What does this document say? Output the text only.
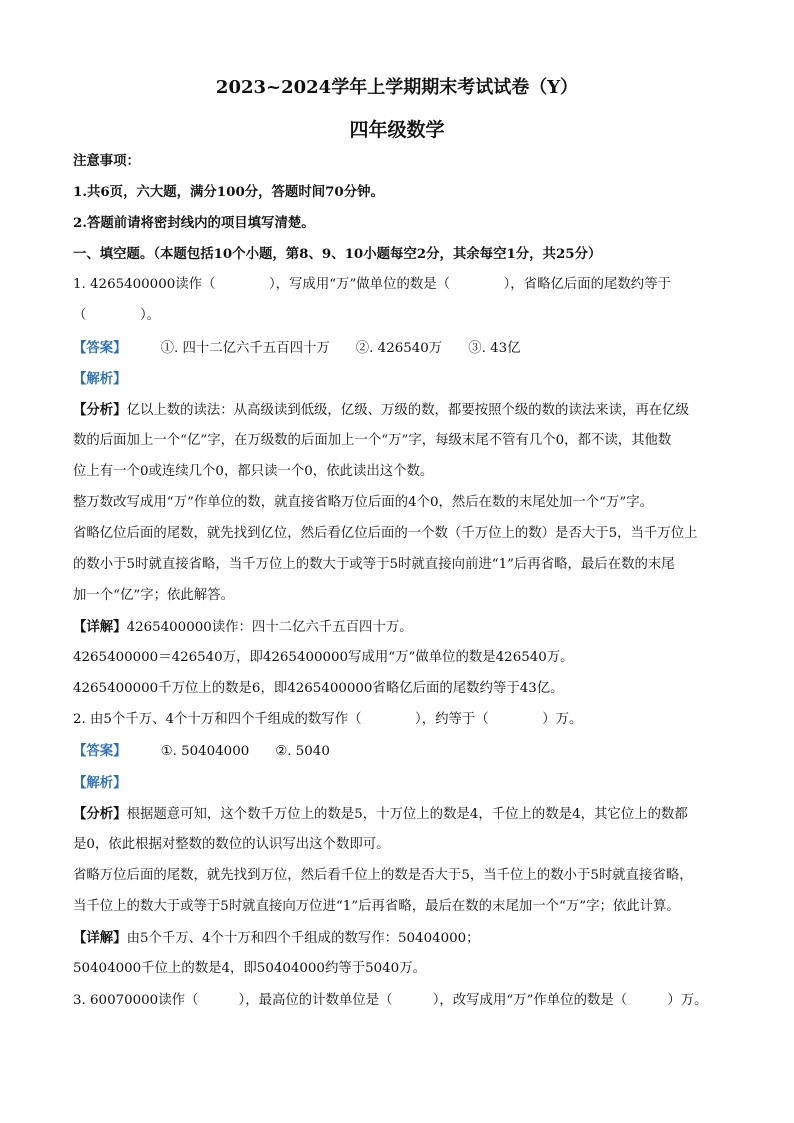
2023~2024学年上学期期末考试试卷（Y）
四年级数学
注意事项：
1.共6页，六大题，满分100分，答题时间70分钟。
2.答题前请将密封线内的项目填写清楚。
一、填空题。（本题包括10个小题，第8、9、10小题每空2分，其余每空1分，共25分）
1. 4265400000读作（　　　　），写成用“万”做单位的数是（　　　　），省略亿后面的尾数约等于
（　　　　）。
【答案】	①. 四十二亿六千五百四十万 ②. 426540万 ③. 43亿
【解析】
【分析】亿以上数的读法：从高级读到低级，亿级、万级的数，都要按照个级的数的读法来读，再在亿级
数的后面加上一个“亿”字，在万级数的后面加上一个“万”字，每级末尾不管有几个0，都不读，其他数
位上有一个0或连续几个0，都只读一个0，依此读出这个数。
整万数改写成用“万”作单位的数，就直接省略万位后面的4个0，然后在数的末尾处加一个“万”字。
省略亿位后面的尾数，就先找到亿位，然后看亿位后面的一个数（千万位上的数）是否大于5，当千万位上
的数小于5时就直接省略，当千万位上的数大于或等于5时就直接向前进“1”后再省略，最后在数的末尾
加一个“亿”字；依此解答。
【详解】4265400000读作：四十二亿六千五百四十万。
4265400000＝426540万，即4265400000写成用“万”做单位的数是426540万。
4265400000千万位上的数是6，即4265400000省略亿后面的尾数约等于43亿。
2. 由5个千万、4个十万和四个千组成的数写作（　　　　），约等于（　　　　）万。
【答案】	①. 50404000 ②. 5040
【解析】
【分析】根据题意可知，这个数千万位上的数是5，十万位上的数是4，千位上的数是4，其它位上的数都
是0，依此根据对整数的数位的认识写出这个数即可。
省略万位后面的尾数，就先找到万位，然后看千位上的数是否大于5，当千位上的数小于5时就直接省略，
当千位上的数大于或等于5时就直接向万位进“1”后再省略，最后在数的末尾加一个“万”字；依此计算。
【详解】由5个千万、4个十万和四个千组成的数写作：50404000；
50404000千位上的数是4，即50404000约等于5040万。
3. 60070000读作（　　　），最高位的计数单位是（　　　），改写成用“万”作单位的数是（　　　）万。
